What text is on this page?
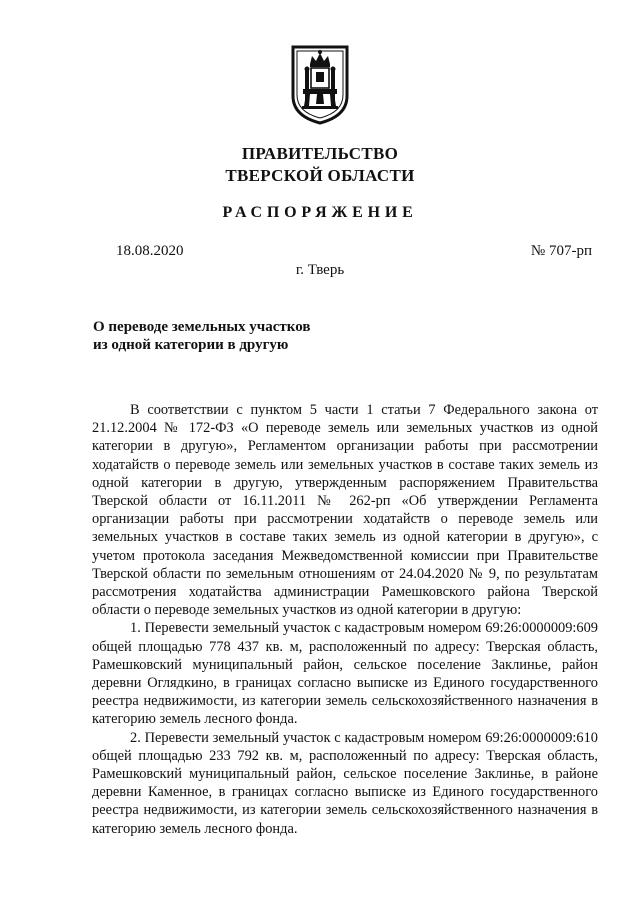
ПРАВИТЕЛЬСТВО
ТВЕРСКОЙ ОБЛАСТИ
РАСПОРЯЖЕНИЕ
18.08.2020	№ 707-рп
г. Тверь
О переводе земельных участков
из одной категории в другую

В соответствии с пунктом 5 части 1 статьи 7 Федерального закона от 21.12.2004 № 172-ФЗ «О переводе земель или земельных участков из одной категории в другую», Регламентом организации работы при рассмотрении ходатайств о переводе земель или земельных участков в составе таких земель из одной категории в другую, утвержденным распоряжением Правительства Тверской области от 16.11.2011 № 262-рп «Об утверждении Регламента организации работы при рассмотрении ходатайств о переводе земель или земельных участков в составе таких земель из одной категории в другую», с учетом протокола заседания Межведомственной комиссии при Правительстве Тверской области по земельным отношениям от 24.04.2020 № 9, по результатам рассмотрения ходатайства администрации Рамешковского района Тверской области о переводе земельных участков из одной категории в другую:

1. Перевести земельный участок с кадастровым номером 69:26:0000009:609 общей площадью 778 437 кв. м, расположенный по адресу: Тверская область, Рамешковский муниципальный район, сельское поселение Заклинье, район деревни Оглядкино, в границах согласно выписке из Единого государственного реестра недвижимости, из категории земель сельскохозяйственного назначения в категорию земель лесного фонда.

2. Перевести земельный участок с кадастровым номером 69:26:0000009:610 общей площадью 233 792 кв. м, расположенный по адресу: Тверская область, Рамешковский муниципальный район, сельское поселение Заклинье, в районе деревни Каменное, в границах согласно выписке из Единого государственного реестра недвижимости, из категории земель сельскохозяйственного назначения в категорию земель лесного фонда.
